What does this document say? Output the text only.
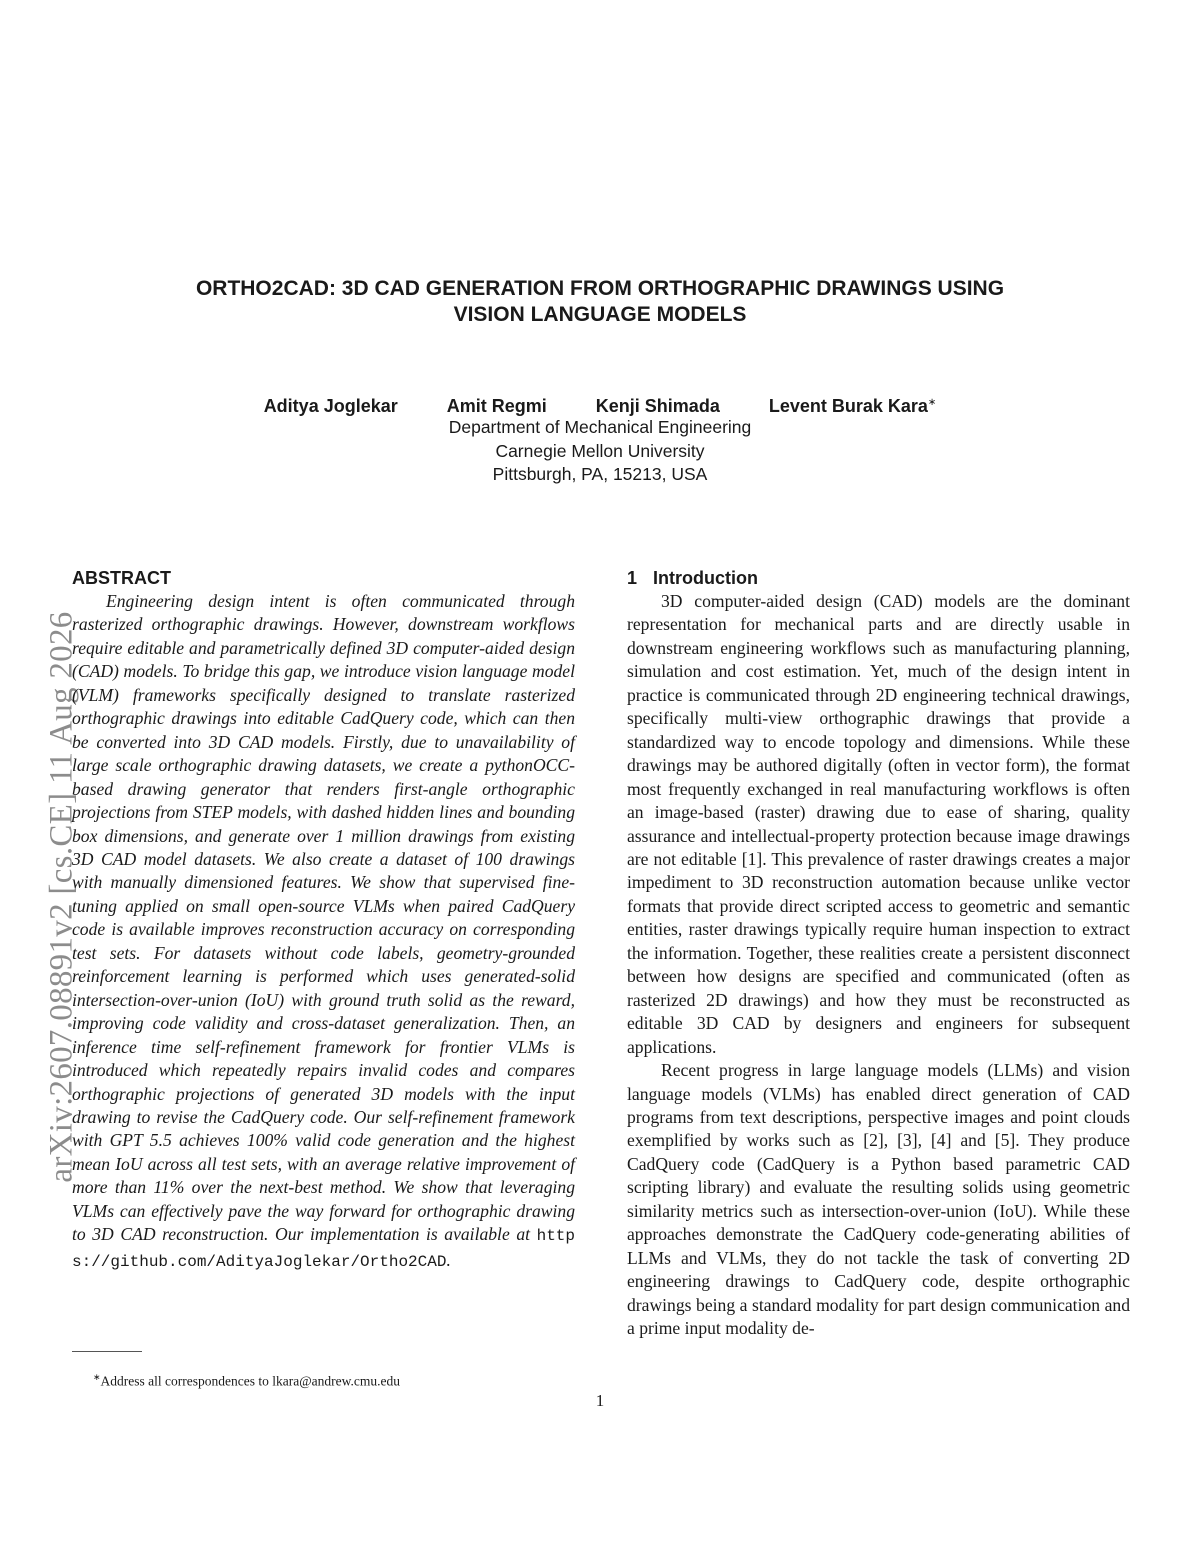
ORTHO2CAD: 3D CAD GENERATION FROM ORTHOGRAPHIC DRAWINGS USING
VISION LANGUAGE MODELS
Aditya Joglekar	Amit Regmi	Kenji Shimada	Levent Burak Kara∗
Department of Mechanical Engineering
Carnegie Mellon University
Pittsburgh, PA, 15213, USA
arXiv:2607.08891v2 [cs.CE] 11 Aug 2026
ABSTRACT

Engineering design intent is often communicated through rasterized orthographic drawings. However, downstream workflows require editable and parametrically defined 3D computer-aided design (CAD) models. To bridge this gap, we introduce vision language model (VLM) frameworks specifically designed to translate rasterized orthographic drawings into editable CadQuery code, which can then be converted into 3D CAD models. Firstly, due to unavailability of large scale orthographic drawing datasets, we create a pythonOCC-based drawing generator that renders first-angle orthographic projections from STEP models, with dashed hidden lines and bounding box dimensions, and generate over 1 million drawings from existing 3D CAD model datasets. We also create a dataset of 100 drawings with manually dimensioned features. We show that supervised fine-tuning applied on small open-source VLMs when paired CadQuery code is available improves reconstruction accuracy on corresponding test sets. For datasets without code labels, geometry-grounded reinforcement learning is performed which uses generated-solid intersection-over-union (IoU) with ground truth solid as the reward, improving code validity and cross-dataset generalization. Then, an inference time self-refinement framework for frontier VLMs is introduced which repeatedly repairs invalid codes and compares orthographic projections of generated 3D models with the input drawing to revise the CadQuery code. Our self-refinement framework with GPT 5.5 achieves 100% valid code generation and the highest mean IoU across all test sets, with an average relative improvement of more than 11% over the next-best method. We show that leveraging VLMs can effectively pave the way forward for orthographic drawing to 3D CAD reconstruction. Our implementation is available at https://github.com/AdityaJoglekar/Ortho2CAD.

1 Introduction

3D computer-aided design (CAD) models are the dominant representation for mechanical parts and are directly usable in downstream engineering workflows such as manufacturing planning, simulation and cost estimation. Yet, much of the design intent in practice is communicated through 2D engineering technical drawings, specifically multi-view orthographic drawings that provide a standardized way to encode topology and dimensions. While these drawings may be authored digitally (often in vector form), the format most frequently exchanged in real manufacturing workflows is often an image-based (raster) drawing due to ease of sharing, quality assurance and intellectual-property protection because image drawings are not editable [1]. This prevalence of raster drawings creates a major impediment to 3D reconstruction automation because unlike vector formats that provide direct scripted access to geometric and semantic entities, raster drawings typically require human inspection to extract the information. Together, these realities create a persistent disconnect between how designs are specified and communicated (often as rasterized 2D drawings) and how they must be reconstructed as editable 3D CAD by designers and engineers for subsequent applications.

Recent progress in large language models (LLMs) and vision language models (VLMs) has enabled direct generation of CAD programs from text descriptions, perspective images and point clouds exemplified by works such as [2], [3], [4] and [5]. They produce CadQuery code (CadQuery is a Python based parametric CAD scripting library) and evaluate the resulting solids using geometric similarity metrics such as intersection-over-union (IoU). While these approaches demonstrate the CadQuery code-generating abilities of LLMs and VLMs, they do not tackle the task of converting 2D engineering drawings to CadQuery code, despite orthographic drawings being a standard modality for part design communication and a prime input modality de-

∗Address all correspondences to lkara@andrew.cmu.edu
1
